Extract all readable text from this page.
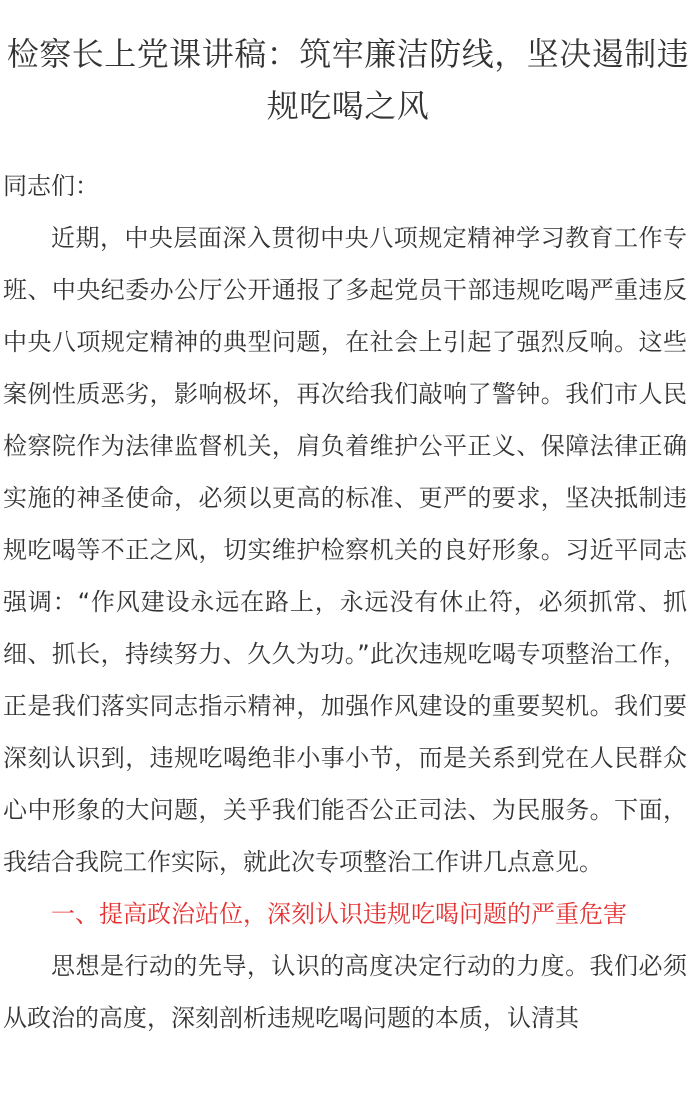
检察长上党课讲稿：筑牢廉洁防线，坚决遏制违规吃喝之风

同志们：

近期，中央层面深入贯彻中央八项规定精神学习教育工作专班、中央纪委办公厅公开通报了多起党员干部违规吃喝严重违反中央八项规定精神的典型问题，在社会上引起了强烈反响。这些案例性质恶劣，影响极坏，再次给我们敲响了警钟。我们市人民检察院作为法律监督机关，肩负着维护公平正义、保障法律正确实施的神圣使命，必须以更高的标准、更严的要求，坚决抵制违规吃喝等不正之风，切实维护检察机关的良好形象。习近平同志强调：“作风建设永远在路上，永远没有休止符，必须抓常、抓细、抓长，持续努力、久久为功。”此次违规吃喝专项整治工作，正是我们落实同志指示精神，加强作风建设的重要契机。我们要深刻认识到，违规吃喝绝非小事小节，而是关系到党在人民群众心中形象的大问题，关乎我们能否公正司法、为民服务。下面，我结合我院工作实际，就此次专项整治工作讲几点意见。

一、提高政治站位，深刻认识违规吃喝问题的严重危害

思想是行动的先导，认识的高度决定行动的力度。我们必须从政治的高度，深刻剖析违规吃喝问题的本质，认清其
